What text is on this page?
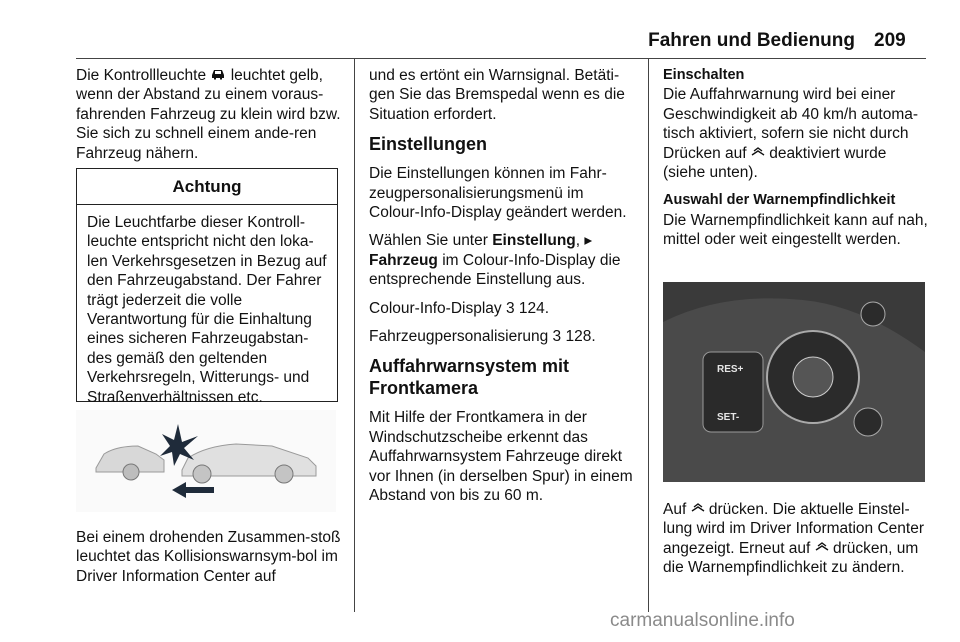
Fahren und Bedienung 209

Die Kontrollleuchte  leuchtet gelb, wenn der Abstand zu einem voraus-fahrenden Fahrzeug zu klein wird bzw. Sie sich zu schnell einem ande-ren Fahrzeug nähern.

Achtung
Die Leuchtfarbe dieser Kontroll-leuchte entspricht nicht den loka-len Verkehrsgesetzen in Bezug auf den Fahrzeugabstand. Der Fahrer trägt jederzeit die volle Verantwortung für die Einhaltung eines sicheren Fahrzeugabstan-des gemäß den geltenden Verkehrsregeln, Witterungs- und Straßenverhältnissen etc.

Bei einem drohenden Zusammen-stoß leuchtet das Kollisionswarnsym-bol im Driver Information Center auf

und es ertönt ein Warnsignal. Betäti-gen Sie das Bremspedal wenn es die Situation erfordert.

Einstellungen

Die Einstellungen können im Fahr-zeugpersonalisierungsmenü im Colour-Info-Display geändert werden.

Wählen Sie unter Einstellung, ▸
Fahrzeug im Colour-Info-Display die entsprechende Einstellung aus.

Colour-Info-Display 3 124.

Fahrzeugpersonalisierung 3 128.

Auffahrwarnsystem mit Frontkamera

Mit Hilfe der Frontkamera in der Windschutzscheibe erkennt das Auffahrwarnsystem Fahrzeuge direkt vor Ihnen (in derselben Spur) in einem Abstand von bis zu 60 m.

Einschalten

Die Auffahrwarnung wird bei einer Geschwindigkeit ab 40 km/h automa-tisch aktiviert, sofern sie nicht durch Drücken auf  deaktiviert wurde (siehe unten).

Auswahl der Warnempfindlichkeit

Die Warnempfindlichkeit kann auf nah, mittel oder weit eingestellt werden.

RES+
SET-

Auf  drücken. Die aktuelle Einstel-lung wird im Driver Information Center angezeigt. Erneut auf  drücken, um die Warnempfindlichkeit zu ändern.

carmanualsonline.info
